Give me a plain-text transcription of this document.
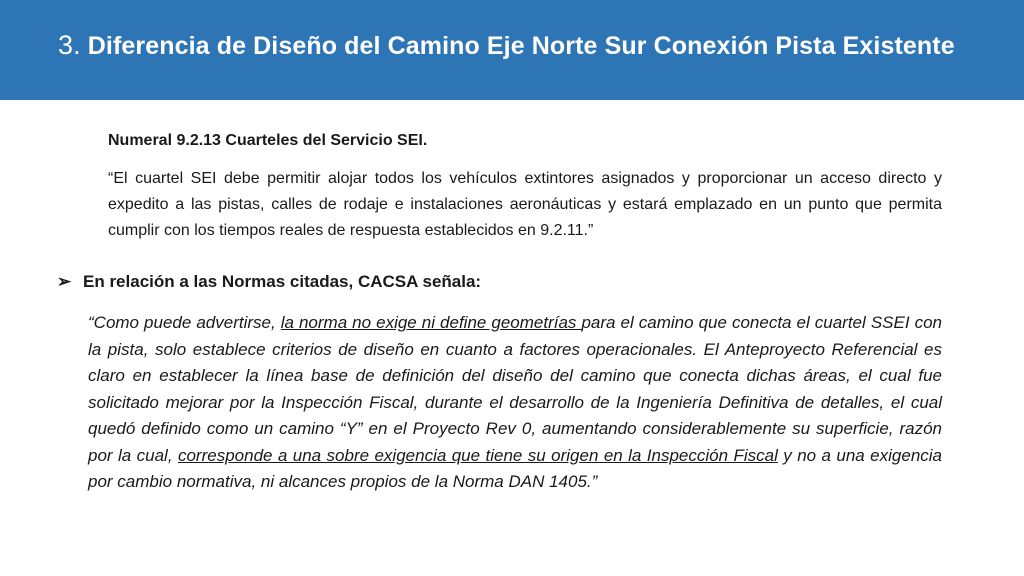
3. Diferencia de Diseño del Camino Eje Norte Sur Conexión Pista Existente
Numeral 9.2.13 Cuarteles del Servicio SEI.
“El cuartel SEI debe permitir alojar todos los vehículos extintores asignados y proporcionar un acceso directo y expedito a las pistas, calles de rodaje e instalaciones aeronáuticas y estará emplazado en un punto que permita cumplir con los tiempos reales de respuesta establecidos en 9.2.11.”
➢ En relación a las Normas citadas, CACSA señala:
“Como puede advertirse, la norma no exige ni define geometrías para el camino que conecta el cuartel SSEI con la pista, solo establece criterios de diseño en cuanto a factores operacionales. El Anteproyecto Referencial es claro en establecer la línea base de definición del diseño del camino que conecta dichas áreas, el cual fue solicitado mejorar por la Inspección Fiscal, durante el desarrollo de la Ingeniería Definitiva de detalles, el cual quedó definido como un camino “Y” en el Proyecto Rev 0, aumentando considerablemente su superficie, razón por la cual, corresponde a una sobre exigencia que tiene su origen en la Inspección Fiscal y no a una exigencia por cambio normativa, ni alcances propios de la Norma DAN 1405.”
